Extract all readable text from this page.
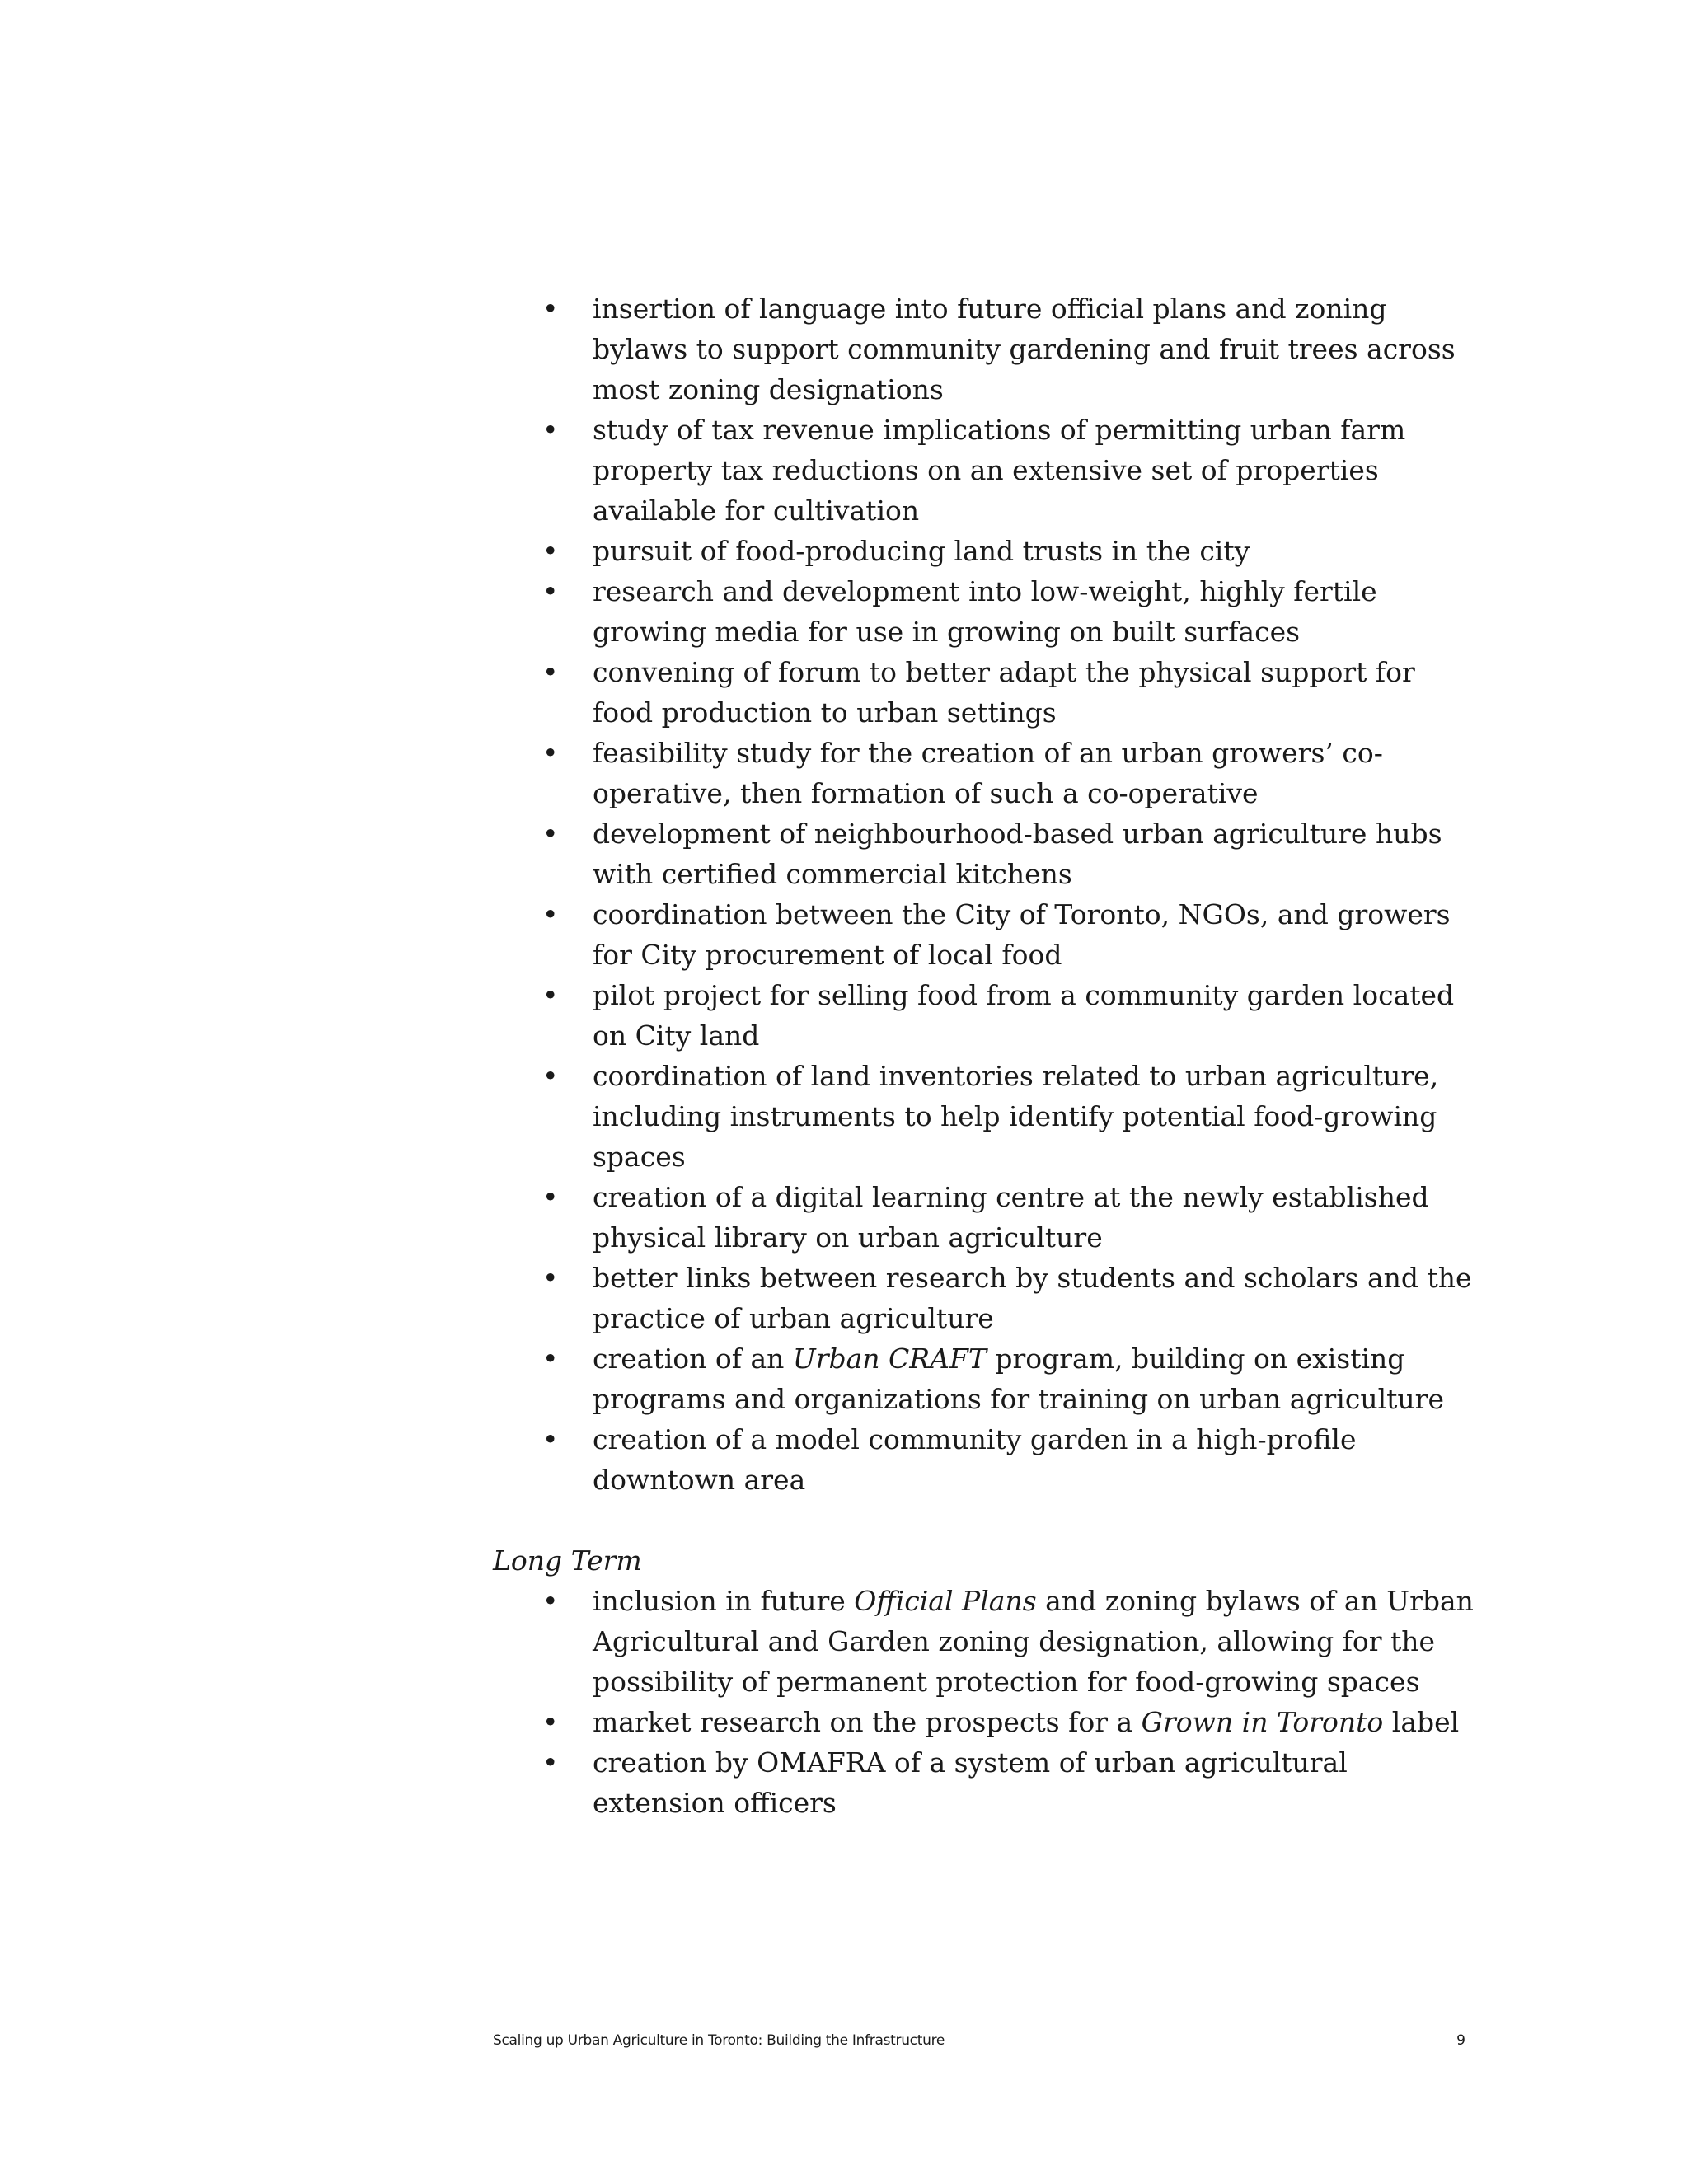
•	insertion of language into future official plans and zoning bylaws to support community gardening and fruit trees across most zoning designations
•	study of tax revenue implications of permitting urban farm property tax reductions on an extensive set of properties available for cultivation
•	pursuit of food-producing land trusts in the city
•	research and development into low-weight, highly fertile growing media for use in growing on built surfaces
•	convening of forum to better adapt the physical support for food production to urban settings
•	feasibility study for the creation of an urban growers’ co-operative, then formation of such a co-operative
•	development of neighbourhood-based urban agriculture hubs with certified commercial kitchens
•	coordination between the City of Toronto, NGOs, and growers for City procurement of local food
•	pilot project for selling food from a community garden located on City land
•	coordination of land inventories related to urban agriculture, including instruments to help identify potential food-growing spaces
•	creation of a digital learning centre at the newly established physical library on urban agriculture
•	better links between research by students and scholars and the practice of urban agriculture
•	creation of an Urban CRAFT program, building on existing programs and organizations for training on urban agriculture
•	creation of a model community garden in a high-profile downtown area
Long Term
•	inclusion in future Official Plans and zoning bylaws of an Urban Agricultural and Garden zoning designation, allowing for the possibility of permanent protection for food-growing spaces
•	market research on the prospects for a Grown in Toronto label
•	creation by OMAFRA of a system of urban agricultural extension officers
Scaling up Urban Agriculture in Toronto: Building the Infrastructure	9
